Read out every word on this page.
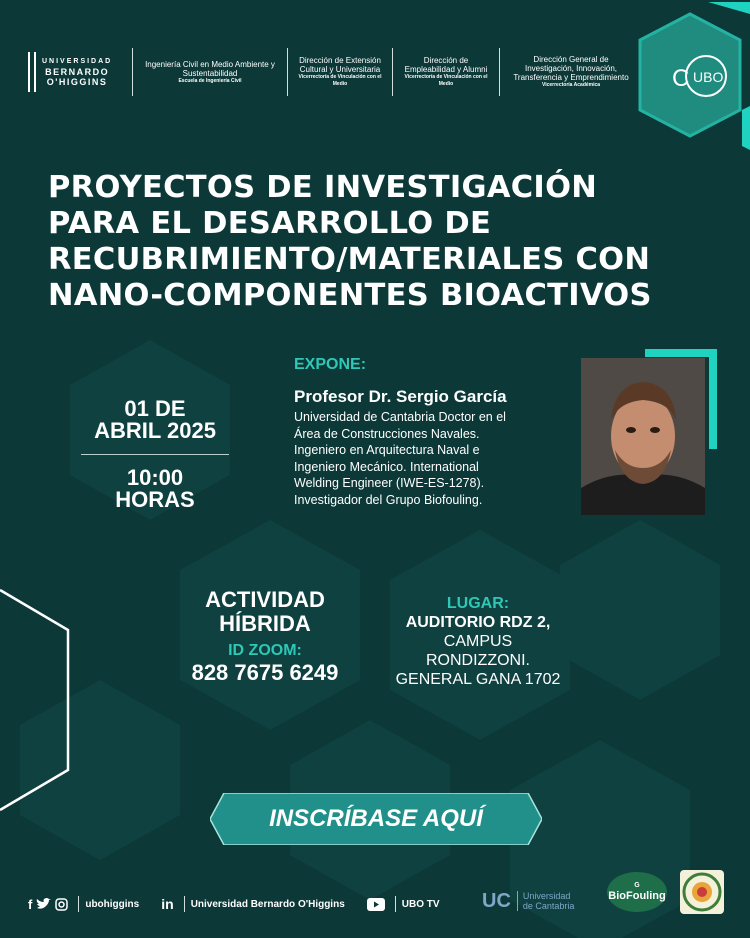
UNIVERSIDAD
BERNARDO
O'HIGGINS
Ingeniería Civil en Medio Ambiente y Sustentabilidad
Escuela de Ingeniería Civil
Dirección de Extensión Cultural y Universitaria
Vicerrectoría de Vinculación con el Medio
Dirección de Empleabilidad y Alumni
Vicerrectoría de Vinculación con el Medio
Dirección General de Investigación, Innovación, Transferencia y Emprendimiento
Vicerrectoría Académica	C UBO
PROYECTOS DE INVESTIGACIÓN
PARA EL DESARROLLO DE
RECUBRIMIENTO/MATERIALES CON
NANO-COMPONENTES BIOACTIVOS
01 DE
ABRIL 2025
10:00
HORAS
EXPONE:
Profesor Dr. Sergio García
Universidad de Cantabria Doctor en el
Área de Construcciones Navales.
Ingeniero en Arquitectura Naval e
Ingeniero Mecánico. International
Welding Engineer (IWE-ES-1278).
Investigador del Grupo Biofouling.
ACTIVIDAD
HÍBRIDA
ID ZOOM:
828 7675 6249
LUGAR:
AUDITORIO RDZ 2,
CAMPUS
RONDIZZONI.
GENERAL GANA 1702
INSCRÍBASE AQUÍ
f	ubohiggins in Universidad Bernardo O'Higgins	UBO TV UC Universidad
de Cantabria
G
BioFouling
